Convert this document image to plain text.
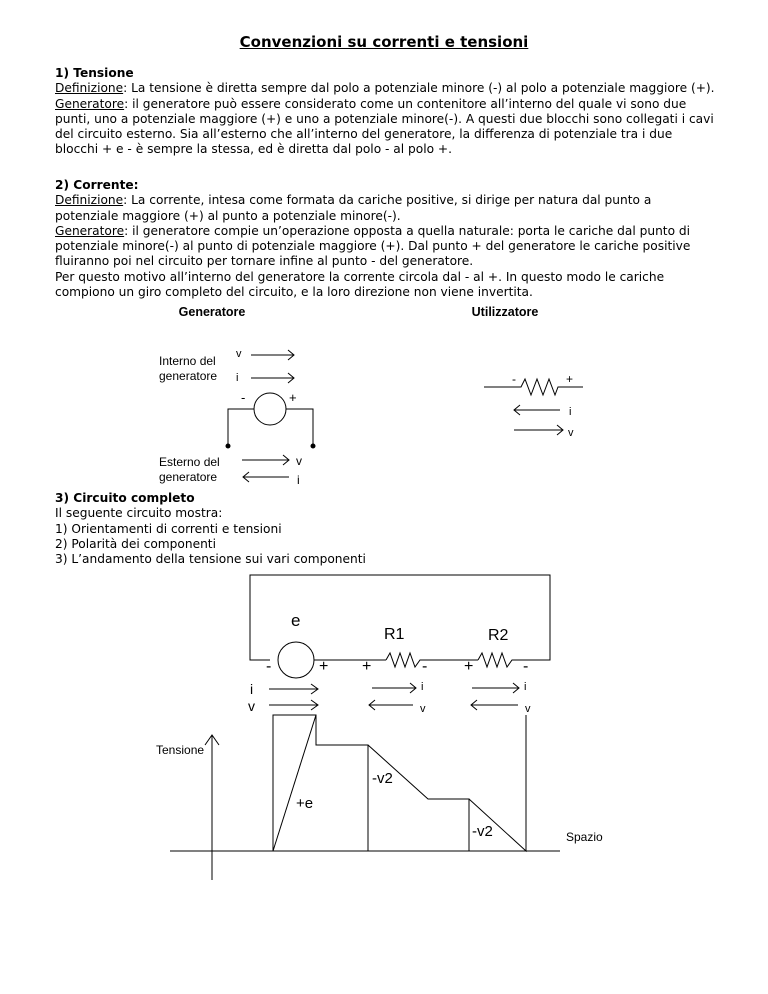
Convenzioni su correnti e tensioni

1) Tensione

Definizione: La tensione è diretta sempre dal polo a potenziale minore (-) al polo a potenziale maggiore (+).

Generatore: il generatore può essere considerato come un contenitore all’interno del quale vi sono due punti, uno a potenziale maggiore (+) e uno a potenziale minore(-). A questi due blocchi sono collegati i cavi del circuito esterno. Sia all’esterno che all’interno del generatore, la differenza di potenziale tra i due blocchi + e - è sempre la stessa, ed è diretta dal polo - al polo +.

2) Corrente:

Definizione: La corrente, intesa come formata da cariche positive, si dirige per natura dal punto a potenziale maggiore (+) al punto a potenziale minore(-).

Generatore: il generatore compie un’operazione opposta a quella naturale: porta le cariche dal punto di potenziale minore(-) al punto di potenziale maggiore (+). Dal punto + del generatore le cariche positive fluiranno poi nel circuito per tornare infine al punto - del generatore.

Per questo motivo all’interno del generatore la corrente circola dal - al +. In questo modo le cariche compiono un giro completo del circuito, e la loro direzione non viene invertita.

Generatore	Utilizzatore
Interno del
generatore
v
i
-	+
Esterno del
generatore
v
i
-	+
i
v

3) Circuito completo

Il seguente circuito mostra:

1) Orientamenti di correnti e tensioni

2) Polarità dei componenti

3) L’andamento della tensione sui vari componenti

e
R1	R2
-	+ +	- +	-
i
v
i
v
i
v
Tensione
Spazio
+e
-v2
-v2
